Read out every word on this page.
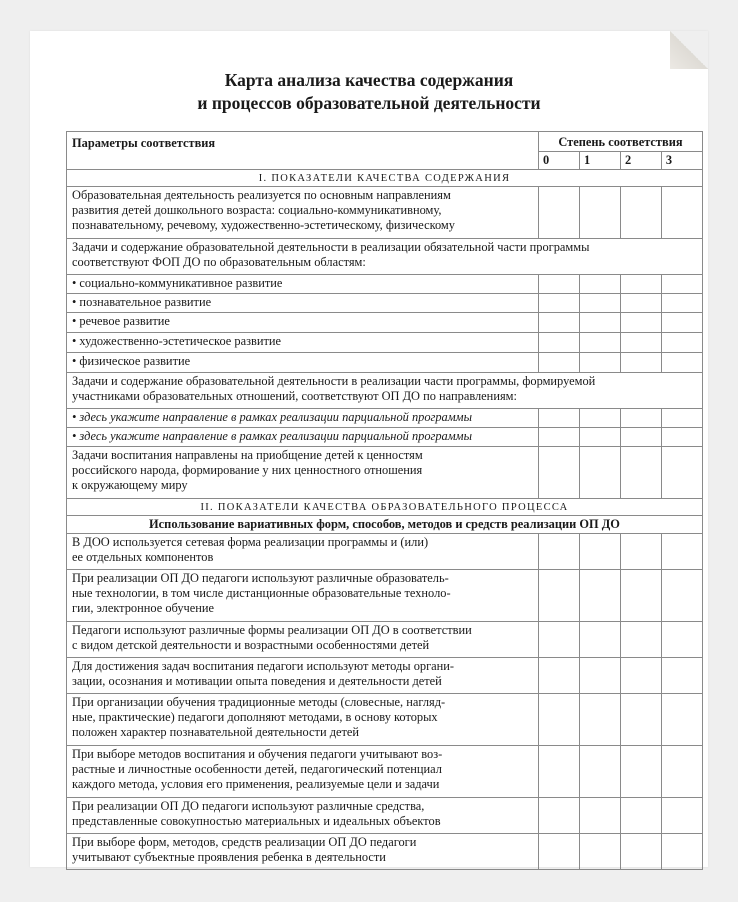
Карта анализа качества содержания
и процессов образовательной деятельности
Параметры соответствия	Степень соответствия			
	0	1	2	3
I. ПОКАЗАТЕЛИ КАЧЕСТВА СОДЕРЖАНИЯ				

Образовательная деятельность реализуется по основным направлениям
развития детей дошкольного возраста: социально-коммуникативному,
познавательному, речевому, художественно-эстетическому, физическому				

Задачи и содержание образовательной деятельности в реализации обязательной части программы
соответствуют ФОП ДО по образовательным областям:				

• социально-коммуникативное развитие				

• познавательное развитие				

• речевое развитие				

• художественно-эстетическое развитие				

• физическое развитие				

Задачи и содержание образовательной деятельности в реализации части программы, формируемой
участниками образовательных отношений, соответствуют ОП ДО по направлениям:				

• здесь укажите направление в рамках реализации парциальной программы				

• здесь укажите направление в рамках реализации парциальной программы				

Задачи воспитания направлены на приобщение детей к ценностям
российского народа, формирование у них ценностного отношения
к окружающему миру				

II. ПОКАЗАТЕЛИ КАЧЕСТВА ОБРАЗОВАТЕЛЬНОГО ПРОЦЕССА				
Использование вариативных форм, способов, методов и средств реализации ОП ДО				

В ДОО используется сетевая форма реализации программы и (или)
ее отдельных компонентов				

При реализации ОП ДО педагоги используют различные образователь-
ные технологии, в том числе дистанционные образовательные техноло-
гии, электронное обучение				

Педагоги используют различные формы реализации ОП ДО в соответствии
с видом детской деятельности и возрастными особенностями детей				

Для достижения задач воспитания педагоги используют методы органи-
зации, осознания и мотивации опыта поведения и деятельности детей				

При организации обучения традиционные методы (словесные, нагляд-
ные, практические) педагоги дополняют методами, в основу которых
положен характер познавательной деятельности детей				

При выборе методов воспитания и обучения педагоги учитывают воз-
растные и личностные особенности детей, педагогический потенциал
каждого метода, условия его применения, реализуемые цели и задачи				

При реализации ОП ДО педагоги используют различные средства,
представленные совокупностью материальных и идеальных объектов				

При выборе форм, методов, средств реализации ОП ДО педагоги
учитывают субъектные проявления ребенка в деятельности				
